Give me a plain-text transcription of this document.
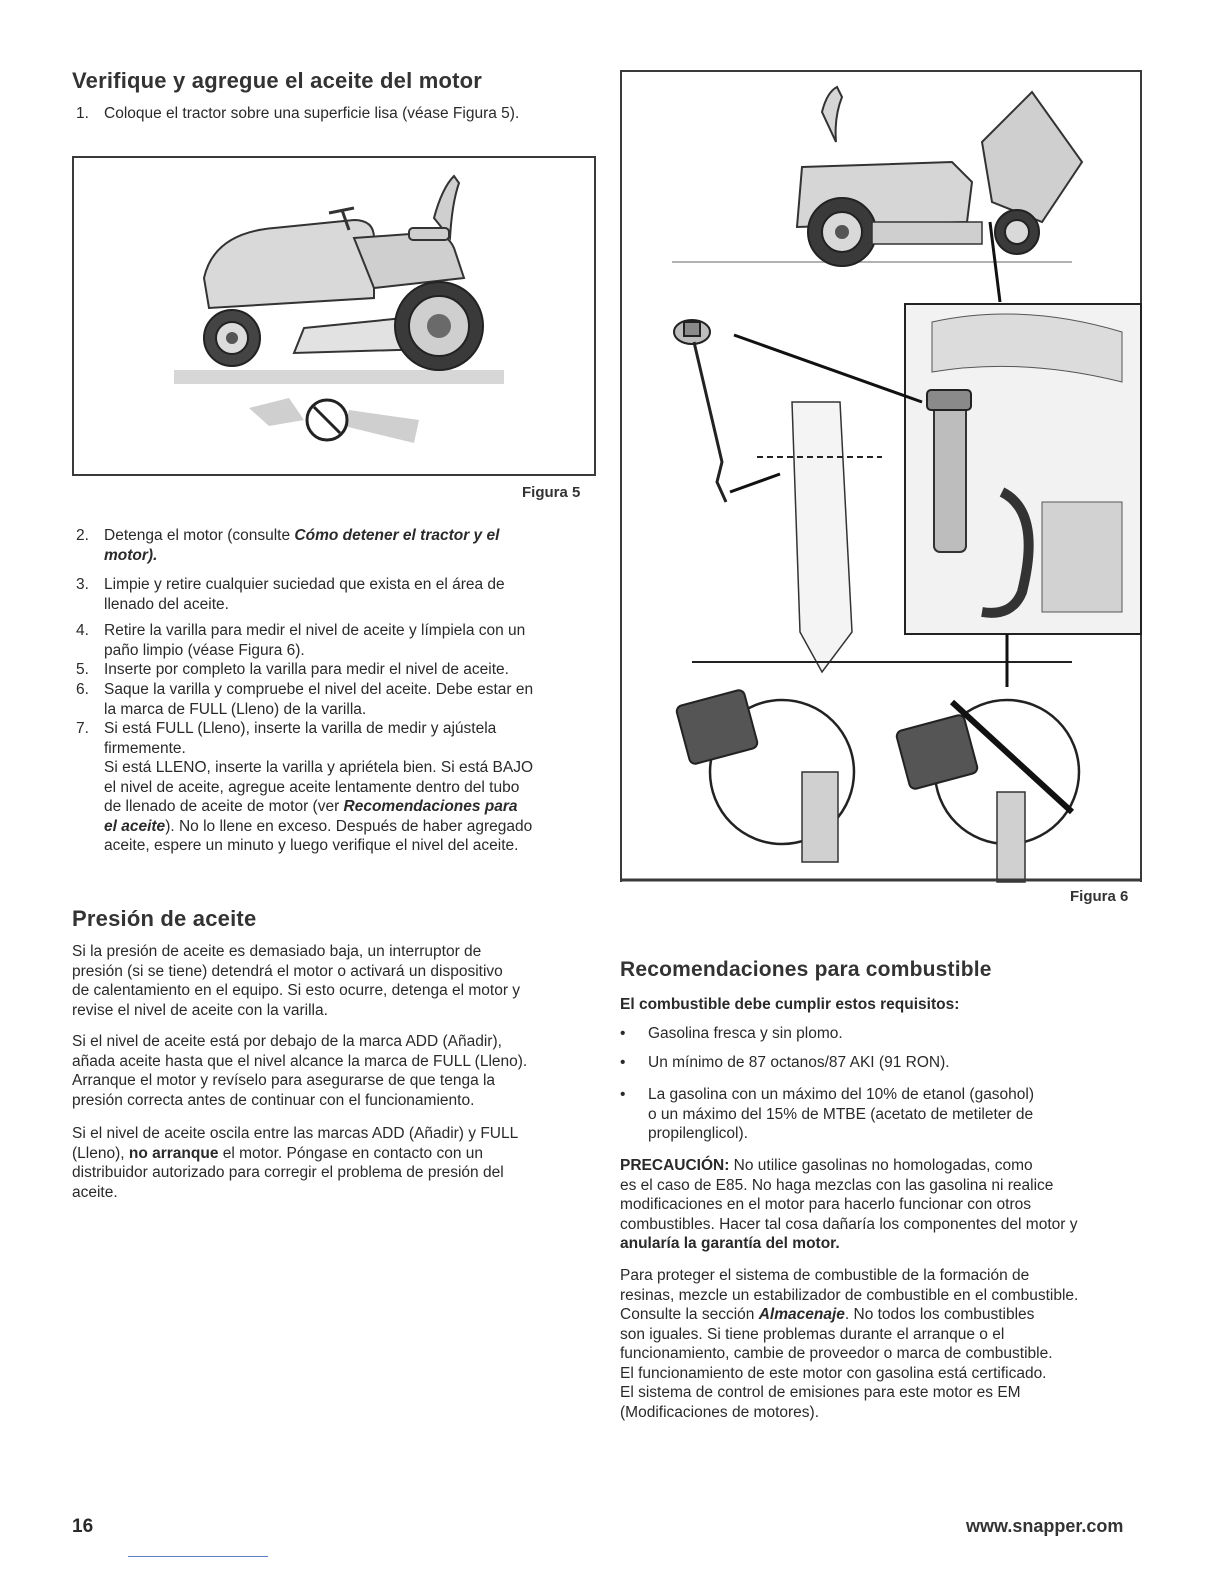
Verifique y agregue el aceite del motor
1. Coloque el tractor sobre una superficie lisa (véase Figura 5).
Figura 5
2. Detenga el motor (consulte Cómo detener el tractor y el
motor).
3. Limpie y retire cualquier suciedad que exista en el área de
llenado del aceite.
4. Retire la varilla para medir el nivel de aceite y límpiela con un
paño limpio (véase Figura 6).
5. Inserte por completo la varilla para medir el nivel de aceite.
6. Saque la varilla y compruebe el nivel del aceite. Debe estar en
la marca de FULL (Lleno) de la varilla.
7. Si está FULL (Lleno), inserte la varilla de medir y ajústela
firmemente.
Si está LLENO, inserte la varilla y apriétela bien. Si está BAJO
el nivel de aceite, agregue aceite lentamente dentro del tubo
de llenado de aceite de motor (ver Recomendaciones para
el aceite). No lo llene en exceso. Después de haber agregado
aceite, espere un minuto y luego verifique el nivel del aceite.
Presión de aceite

Si la presión de aceite es demasiado baja, un interruptor de
presión (si se tiene) detendrá el motor o activará un dispositivo
de calentamiento en el equipo. Si esto ocurre, detenga el motor y
revise el nivel de aceite con la varilla.

Si el nivel de aceite está por debajo de la marca ADD (Añadir),
añada aceite hasta que el nivel alcance la marca de FULL (Lleno).
Arranque el motor y revíselo para asegurarse de que tenga la
presión correcta antes de continuar con el funcionamiento.

Si el nivel de aceite oscila entre las marcas ADD (Añadir) y FULL
(Lleno), no arranque el motor. Póngase en contacto con un
distribuidor autorizado para corregir el problema de presión del
aceite.

Figura 6
Recomendaciones para combustible
El combustible debe cumplir estos requisitos:
• Gasolina fresca y sin plomo.
• Un mínimo de 87 octanos/87 AKI (91 RON).
• La gasolina con un máximo del 10% de etanol (gasohol)
o un máximo del 15% de MTBE (acetato de metileter de
propilenglicol).

PRECAUCIÓN: No utilice gasolinas no homologadas, como
es el caso de E85. No haga mezclas con las gasolina ni realice
modificaciones en el motor para hacerlo funcionar con otros
combustibles. Hacer tal cosa dañaría los componentes del motor y
anularía la garantía del motor.

Para proteger el sistema de combustible de la formación de
resinas, mezcle un estabilizador de combustible en el combustible.
Consulte la sección Almacenaje. No todos los combustibles
son iguales. Si tiene problemas durante el arranque o el
funcionamiento, cambie de proveedor o marca de combustible.
El funcionamiento de este motor con gasolina está certificado.
El sistema de control de emisiones para este motor es EM
(Modificaciones de motores).

16	www.snapper.com
